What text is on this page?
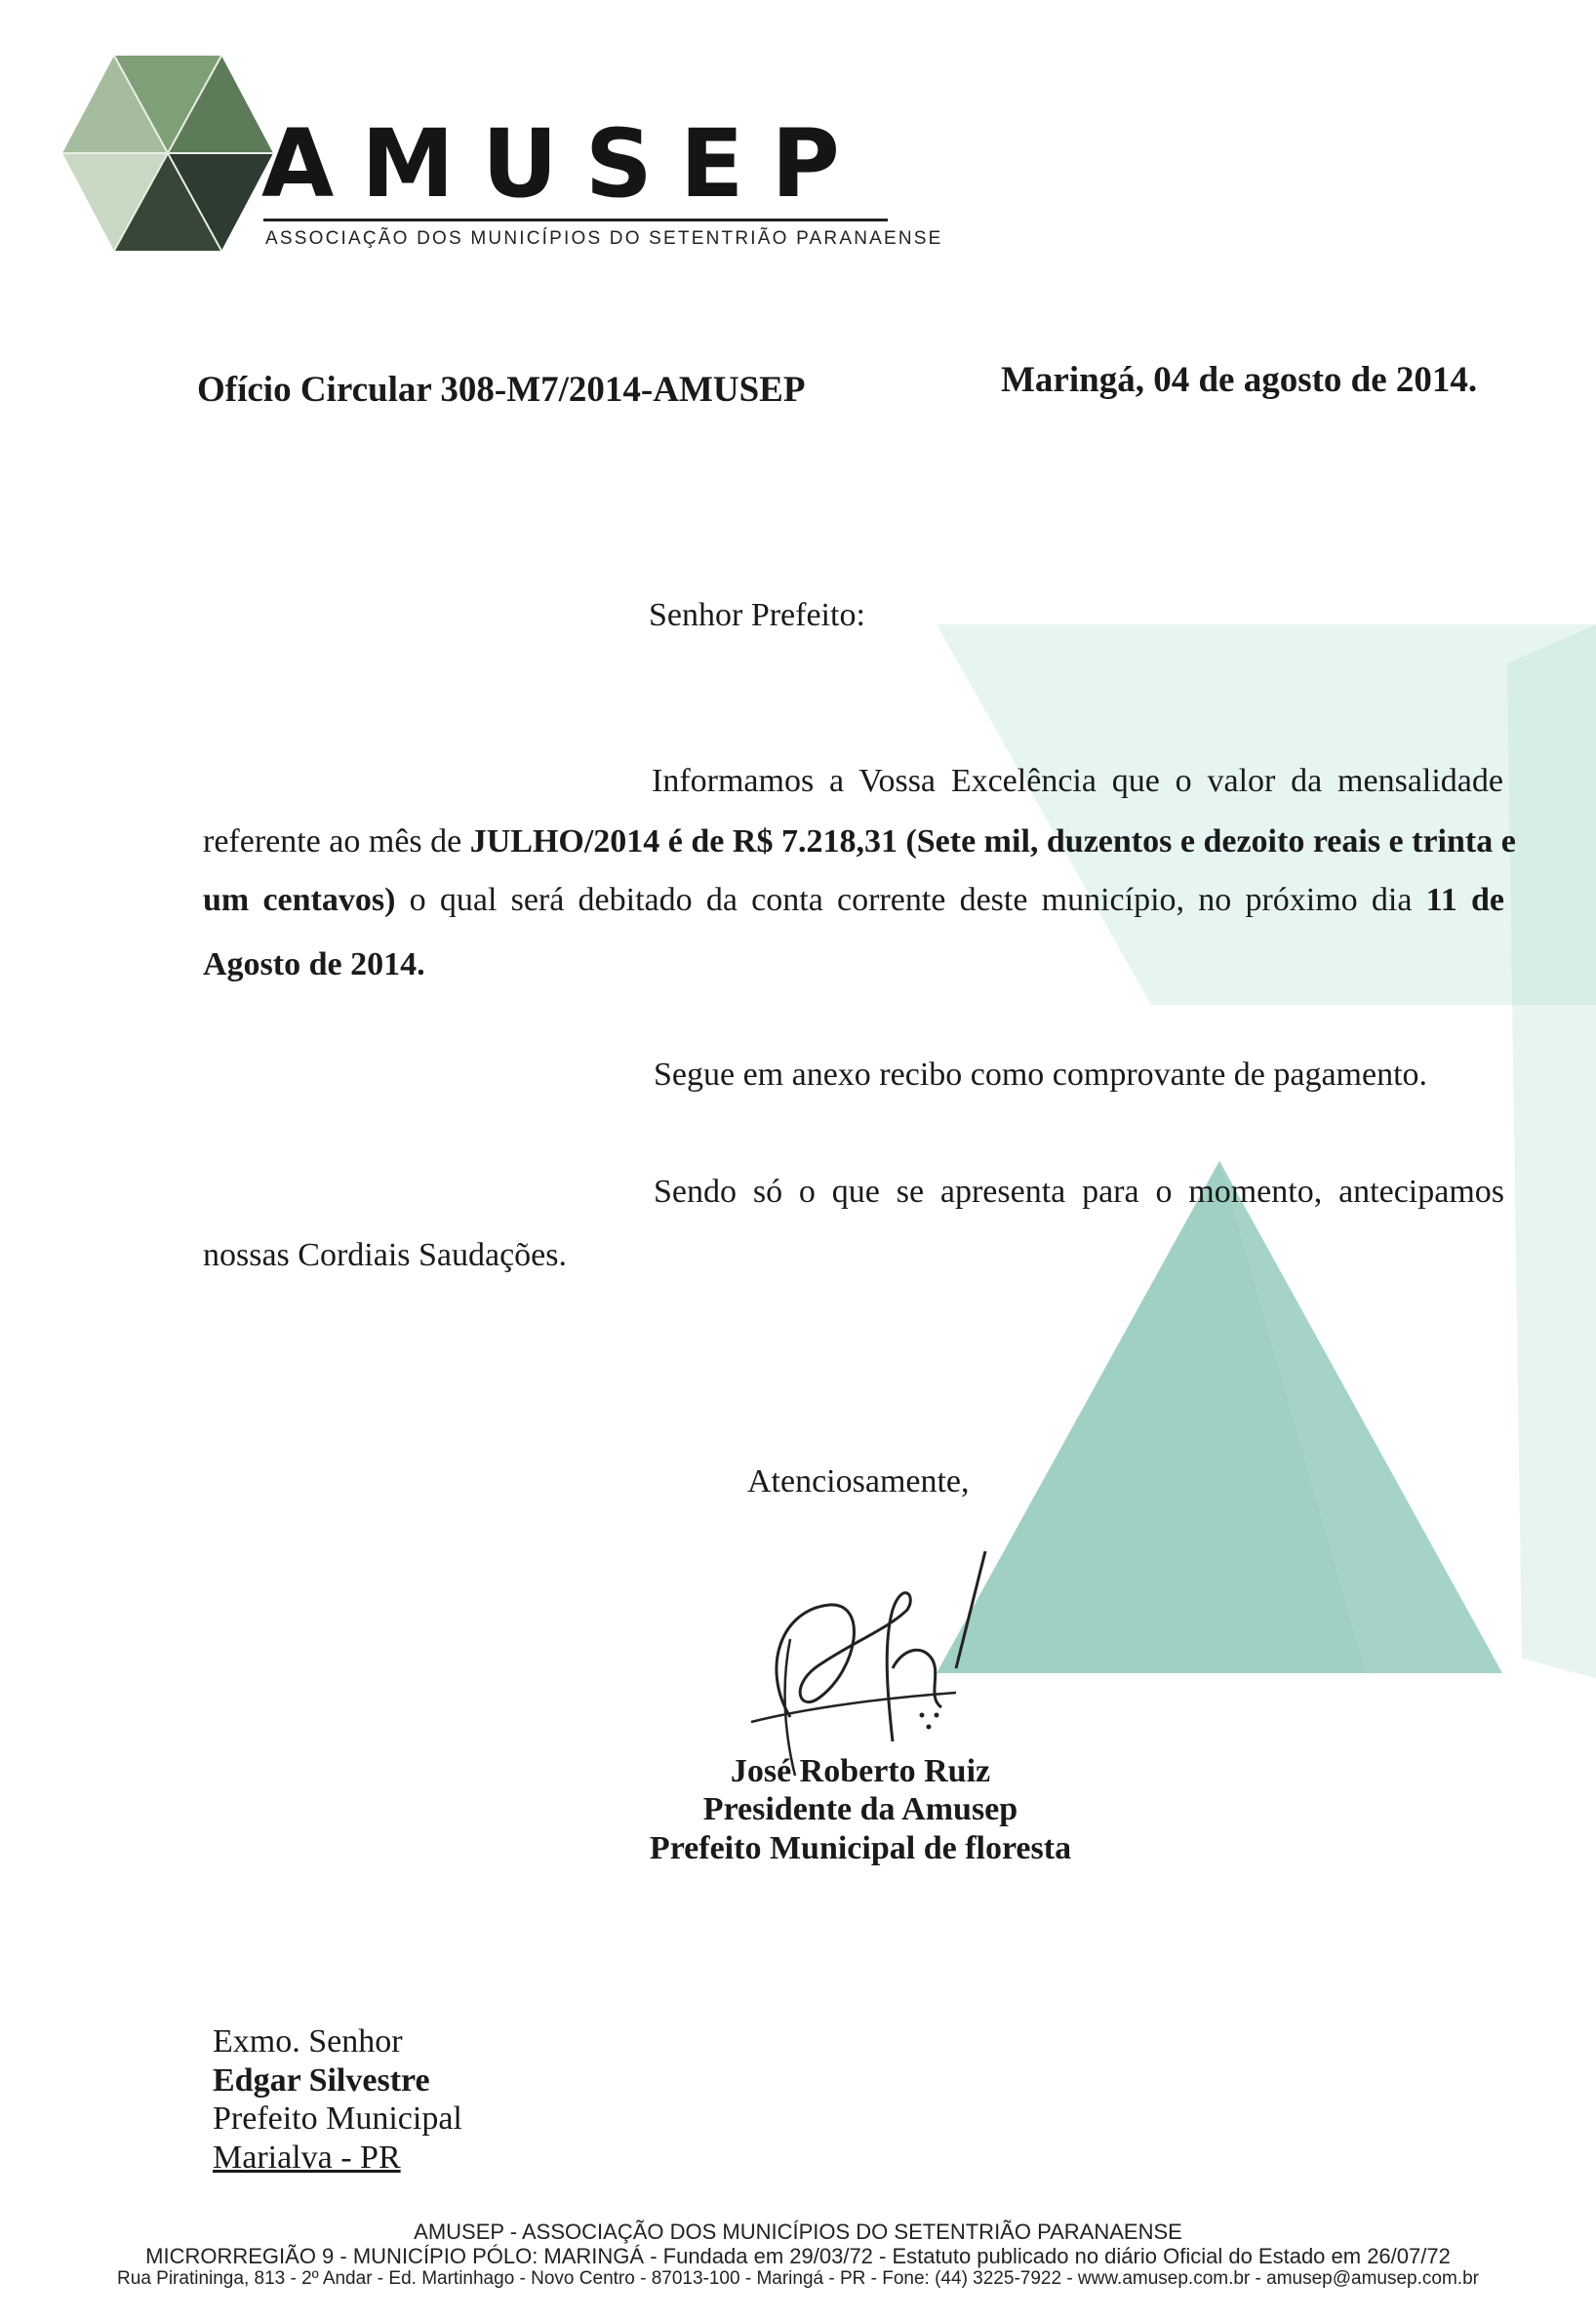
AMUSEP
ASSOCIAÇÃO DOS MUNICÍPIOS DO SETENTRIÃO PARANAENSE
Ofício Circular 308-M7/2014-AMUSEP	Maringá, 04 de agosto de 2014.
Senhor Prefeito:
Informamos a Vossa Excelência que o valor da mensalidade
referente ao mês de JULHO/2014 é de R$ 7.218,31 (Sete mil, duzentos e dezoito reais e trinta e
um centavos) o qual será debitado da conta corrente deste município, no próximo dia 11 de
Agosto de 2014.
Segue em anexo recibo como comprovante de pagamento.
Sendo só o que se apresenta para o momento, antecipamos
nossas Cordiais Saudações.
Atenciosamente,
José Roberto Ruiz
Presidente da Amusep
Prefeito Municipal de floresta
Exmo. Senhor
Edgar Silvestre
Prefeito Municipal
Marialva - PR
AMUSEP - ASSOCIAÇÃO DOS MUNICÍPIOS DO SETENTRIÃO PARANAENSE
MICRORREGIÃO 9 - MUNICÍPIO PÓLO: MARINGÁ - Fundada em 29/03/72 - Estatuto publicado no diário Oficial do Estado em 26/07/72
Rua Piratininga, 813 - 2º Andar - Ed. Martinhago - Novo Centro - 87013-100 - Maringá - PR - Fone: (44) 3225-7922 - www.amusep.com.br - amusep@amusep.com.br
